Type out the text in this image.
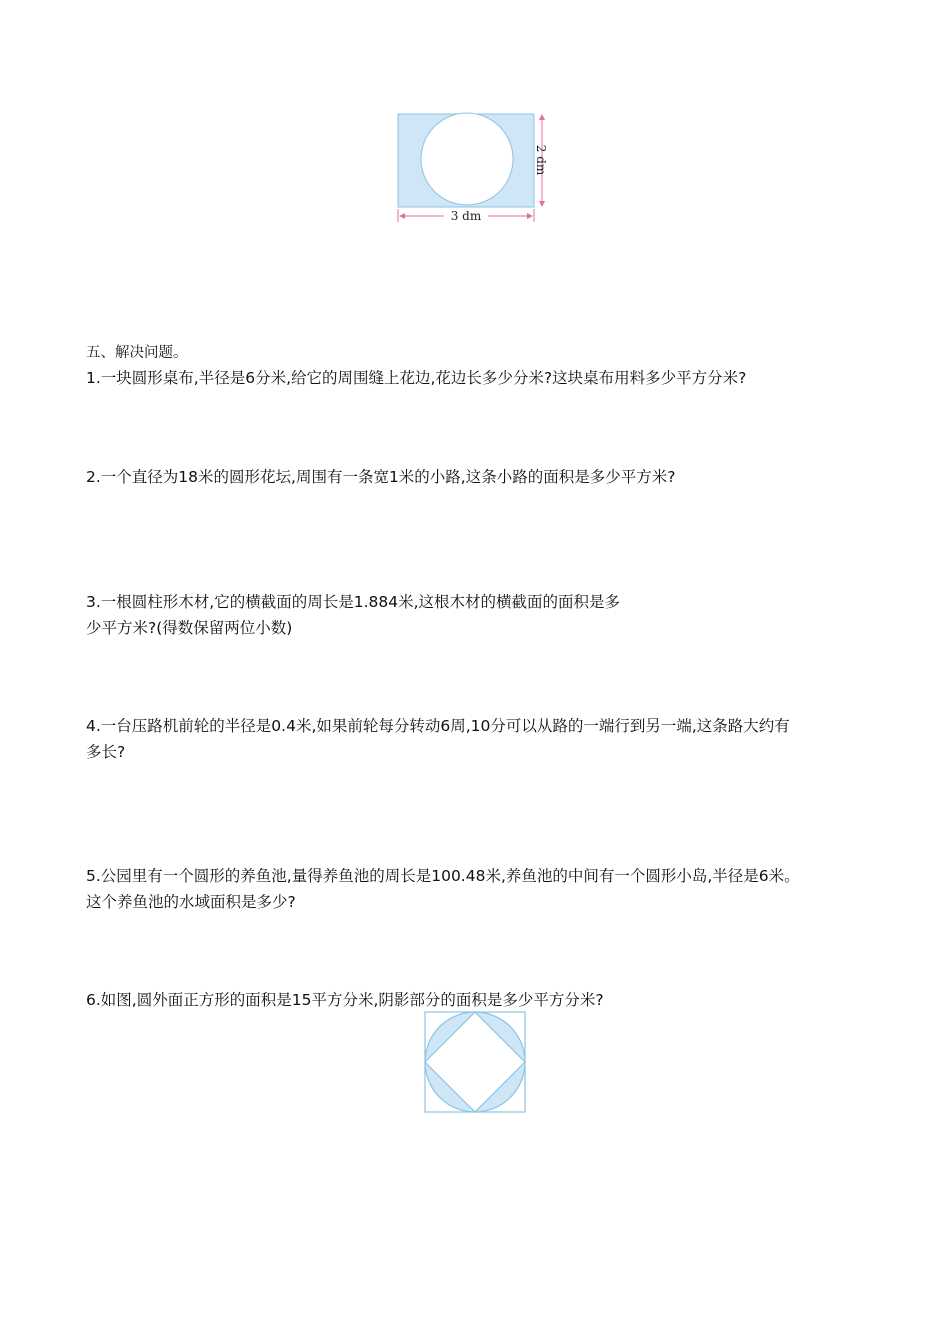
2 dm
3 dm
五、解决问题。
1.一块圆形桌布,半径是6分米,给它的周围缝上花边,花边长多少分米?这块桌布用料多少平方分米?
2.一个直径为18米的圆形花坛,周围有一条宽1米的小路,这条小路的面积是多少平方米?
3.一根圆柱形木材,它的横截面的周长是1.884米,这根木材的横截面的面积是多
少平方米?(得数保留两位小数)
4.一台压路机前轮的半径是0.4米,如果前轮每分转动6周,10分可以从路的一端行到另一端,这条路大约有
多长?
5.公园里有一个圆形的养鱼池,量得养鱼池的周长是100.48米,养鱼池的中间有一个圆形小岛,半径是6米。
这个养鱼池的水域面积是多少?
6.如图,圆外面正方形的面积是15平方分米,阴影部分的面积是多少平方分米?
